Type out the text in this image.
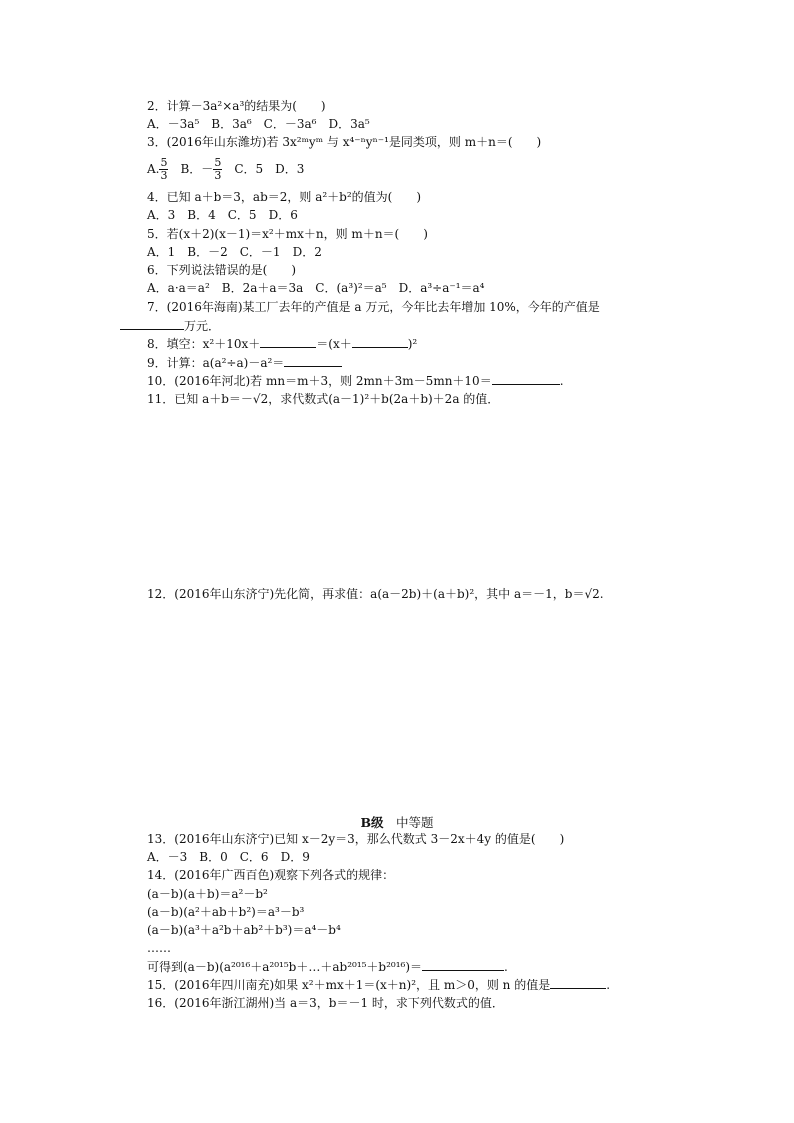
2．计算－3a²×a³的结果为(　　)
A．－3a⁵　B．3a⁶　C．－3a⁶　D．3a⁵
3．(2016年山东潍坊)若 3x²ᵐyᵐ 与 x⁴⁻ⁿyⁿ⁻¹是同类项，则 m＋n＝(　　)
A. $\frac{5}{3}$ 　B．－ $\frac{5}{3}$ 　C．5　D．3
4．已知 a＋b＝3，ab＝2，则 a²＋b²的值为(　　)
A．3　B．4　C．5　D．6
5．若(x＋2)(x－1)＝x²＋mx＋n，则 m＋n＝(　　)
A．1　B．－2　C．－1　D．2
6．下列说法错误的是(　　)
A．a·a＝a²　B．2a＋a＝3a　C．(a³)²＝a⁵　D．a³÷a⁻¹＝a⁴
7．(2016年海南)某工厂去年的产值是 a 万元，今年比去年增加 10%，今年的产值是
万元．
8．填空：x²＋10x＋	＝(x＋	)²
9．计算：a(a²÷a)－a²＝
10．(2016年河北)若 mn＝m＋3，则 2mn＋3m－5mn＋10＝	.
11．已知 a＋b＝－√2，求代数式(a－1)²＋b(2a＋b)＋2a 的值．
12．(2016年山东济宁)先化简，再求值：a(a－2b)＋(a＋b)²，其中 a＝－1，b＝√2.
B级　 中等题
13．(2016年山东济宁)已知 x－2y＝3，那么代数式 3－2x＋4y 的值是(　　)
A．－3　B．0　C．6　D．9
14．(2016年广西百色)观察下列各式的规律：
(a－b)(a＋b)＝a²－b²
(a－b)(a²＋ab＋b²)＝a³－b³
(a－b)(a³＋a²b＋ab²＋b³)＝a⁴－b⁴
……
可得到(a－b)(a²⁰¹⁶＋a²⁰¹⁵b＋…＋ab²⁰¹⁵＋b²⁰¹⁶)＝	.
15．(2016年四川南充)如果 x²＋mx＋1＝(x＋n)²，且 m＞0，则 n 的值是	.
16．(2016年浙江湖州)当 a＝3，b＝－1 时，求下列代数式的值．
